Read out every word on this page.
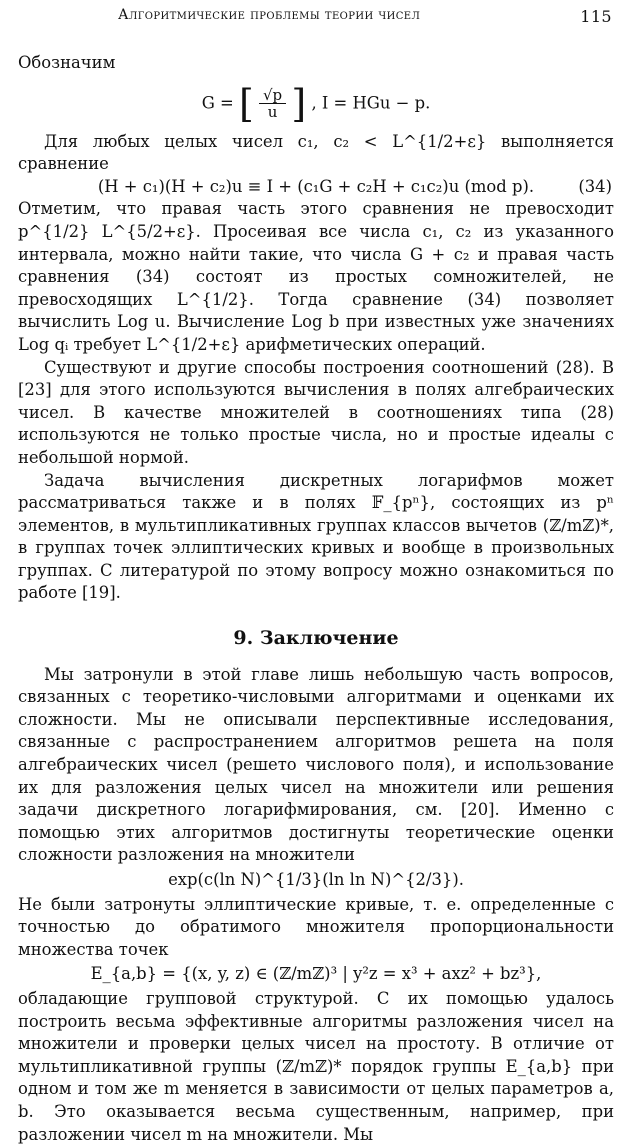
Алгоритмические проблемы теории чисел	115

Обозначим

G = [ $\frac{√p}{u}$ ] , I = HGu − p.

Для любых целых чисел c₁, c₂ < L^{1/2+ε} выполняется сравнение

(H + c₁)(H + c₂)u ≡ I + (c₁G + c₂H + c₁c₂)u (mod p).	(34)

Отметим, что правая часть этого сравнения не превосходит p^{1/2} L^{5/2+ε}. Просеивая все числа c₁, c₂ из указанного интервала, можно найти такие, что числа G + c₂ и правая часть сравнения (34) состоят из простых сомножителей, не превосходящих L^{1/2}. Тогда сравнение (34) позволяет вычислить Log u. Вычисление Log b при известных уже значениях Log qᵢ требует L^{1/2+ε} арифметических операций.

Существуют и другие способы построения соотношений (28). В [23] для этого используются вычисления в полях алгебраических чисел. В качестве множителей в соотношениях типа (28) используются не только простые числа, но и простые идеалы с небольшой нормой.

Задача вычисления дискретных логарифмов может рассматриваться также и в полях 𝔽_{pⁿ}, состоящих из pⁿ элементов, в мультипликативных группах классов вычетов (ℤ/mℤ)*, в группах точек эллиптических кривых и вообще в произвольных группах. С литературой по этому вопросу можно ознакомиться по работе [19].

9. Заключение

Мы затронули в этой главе лишь небольшую часть вопросов, связанных с теоретико-числовыми алгоритмами и оценками их сложности. Мы не описывали перспективные исследования, связанные с распространением алгоритмов решета на поля алгебраических чисел (решето числового поля), и использование их для разложения целых чисел на множители или решения задачи дискретного логарифмирования, см. [20]. Именно с помощью этих алгоритмов достигнуты теоретические оценки сложности разложения на множители

exp(c(ln N)^{1/3}(ln ln N)^{2/3}).

Не были затронуты эллиптические кривые, т. е. определенные с точностью до обратимого множителя пропорциональности множества точек

E_{a,b} = {(x, y, z) ∈ (ℤ/mℤ)³ | y²z = x³ + axz² + bz³},

обладающие групповой структурой. С их помощью удалось построить весьма эффективные алгоритмы разложения чисел на множители и проверки целых чисел на простоту. В отличие от мультипликативной группы (ℤ/mℤ)* порядок группы E_{a,b} при одном и том же m меняется в зависимости от целых параметров a, b. Это оказывается весьма существенным, например, при разложении чисел m на множители. Мы
